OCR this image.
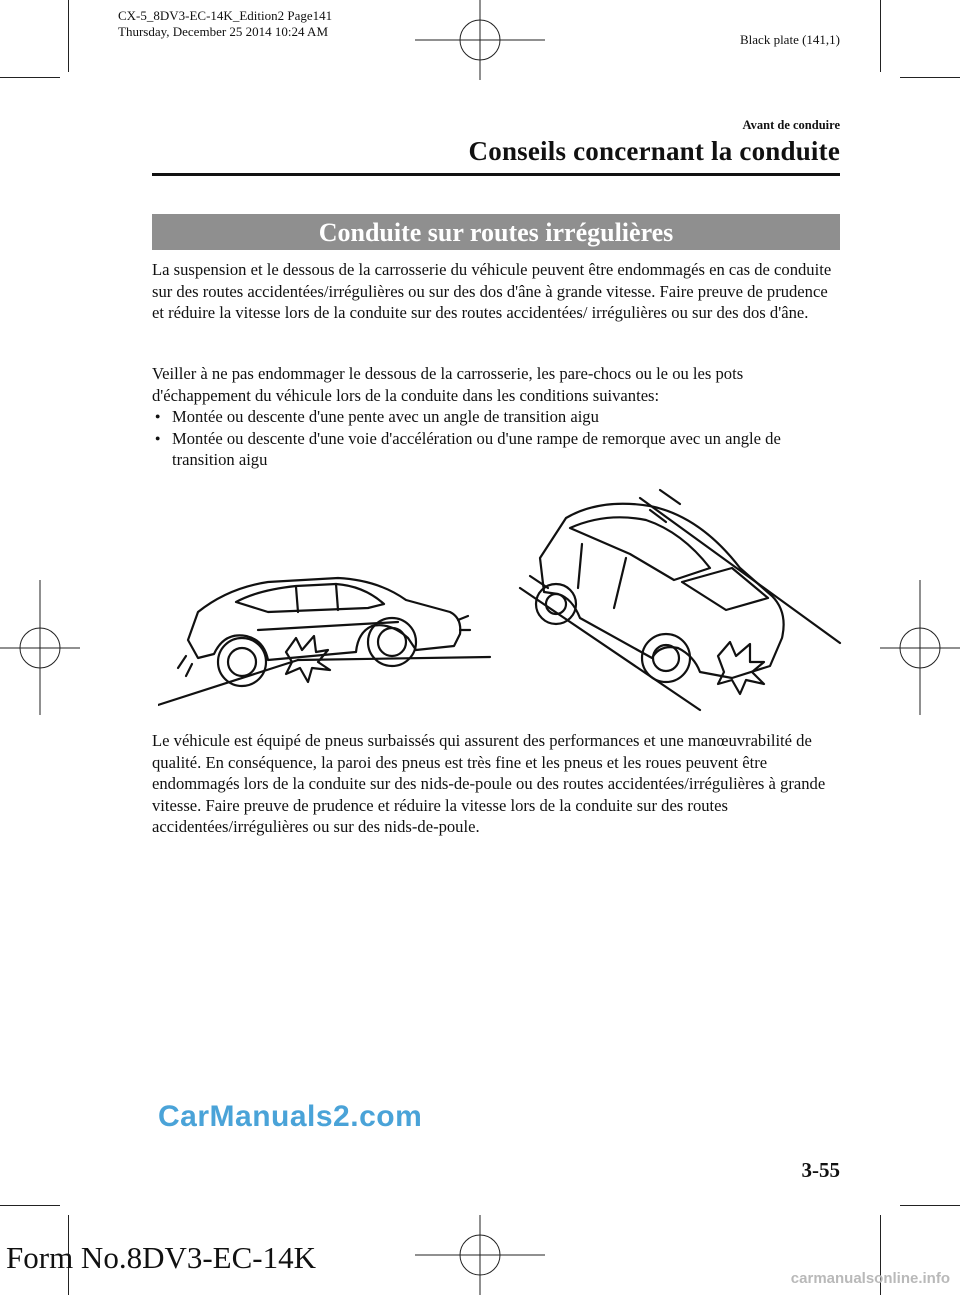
CX-5_8DV3-EC-14K_Edition2 Page141
Thursday, December 25 2014 10:24 AM
Black plate (141,1)
Avant de conduire
Conseils concernant la conduite
Conduite sur routes irrégulières
La suspension et le dessous de la carrosserie du véhicule peuvent être endommagés en cas de conduite sur des routes accidentées/irrégulières ou sur des dos d'âne à grande vitesse. Faire preuve de prudence et réduire la vitesse lors de la conduite sur des routes accidentées/ irrégulières ou sur des dos d'âne.
Veiller à ne pas endommager le dessous de la carrosserie, les pare-chocs ou le ou les pots d'échappement du véhicule lors de la conduite dans les conditions suivantes:
● Montée ou descente d'une pente avec un angle de transition aigu
● Montée ou descente d'une voie d'accélération ou d'une rampe de remorque avec un angle de transition aigu
Le véhicule est équipé de pneus surbaissés qui assurent des performances et une manœuvrabilité de qualité. En conséquence, la paroi des pneus est très fine et les pneus et les roues peuvent être endommagés lors de la conduite sur des nids-de-poule ou des routes accidentées/irrégulières à grande vitesse. Faire preuve de prudence et réduire la vitesse lors de la conduite sur des routes accidentées/irrégulières ou sur des nids-de-poule.
CarManuals2.com
3-55
Form No.8DV3-EC-14K
carmanualsonline.info
